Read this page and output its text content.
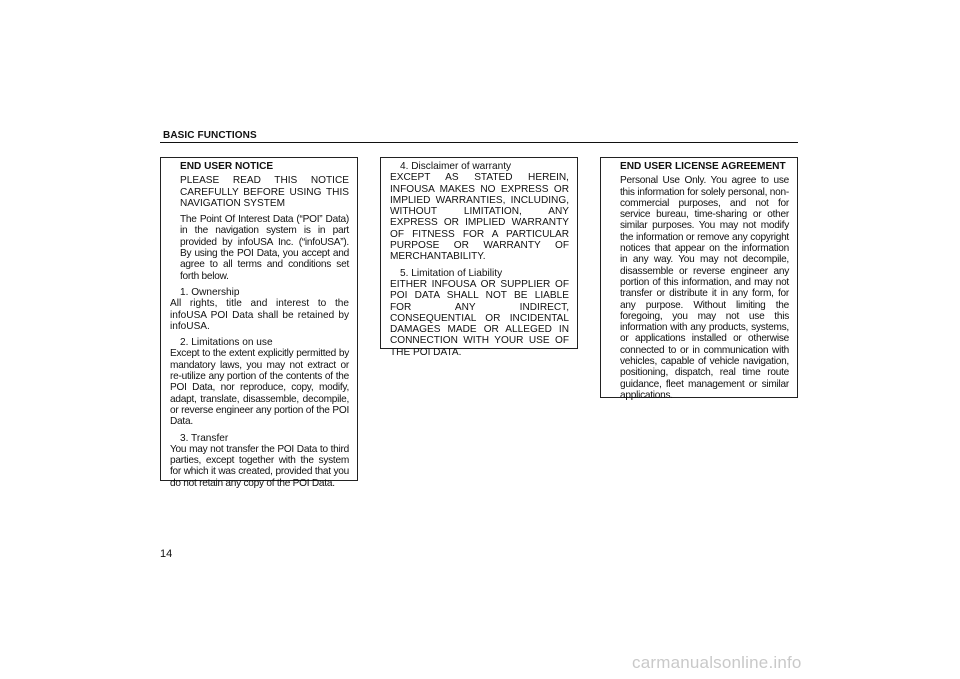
BASIC FUNCTIONS

END USER NOTICE

PLEASE READ THIS NOTICE CAREFULLY BEFORE USING THIS NAVIGATION SYSTEM

The Point Of Interest Data (“POI” Data) in the navigation system is in part provided by infoUSA Inc. (“infoUSA”). By using the POI Data, you accept and agree to all terms and conditions set forth below.

1. Ownership

All rights, title and interest to the infoUSA POI Data shall be retained by infoUSA.

2. Limitations on use

Except to the extent explicitly permitted by mandatory laws, you may not extract or re-utilize any portion of the contents of the POI Data, nor reproduce, copy, modify, adapt, translate, disassemble, decompile, or reverse engineer any portion of the POI Data.

3. Transfer

You may not transfer the POI Data to third parties, except together with the system for which it was created, provided that you do not retain any copy of the POI Data.

4. Disclaimer of warranty

EXCEPT AS STATED HEREIN, INFOUSA MAKES NO EXPRESS OR IMPLIED WARRANTIES, INCLUDING, WITHOUT LIMITATION, ANY EXPRESS OR IMPLIED WARRANTY OF FITNESS FOR A PARTICULAR PURPOSE OR WARRANTY OF MERCHANTABILITY.

5. Limitation of Liability

EITHER INFOUSA OR SUPPLIER OF POI DATA SHALL NOT BE LIABLE FOR ANY INDIRECT, CONSEQUENTIAL OR INCIDENTAL DAMAGES MADE OR ALLEGED IN CONNECTION WITH YOUR USE OF THE POI DATA.

END USER LICENSE AGREEMENT

Personal Use Only. You agree to use this information for solely personal, non-commercial purposes, and not for service bureau, time-sharing or other similar purposes. You may not modify the information or remove any copyright notices that appear on the information in any way. You may not decompile, disassemble or reverse engineer any portion of this information, and may not transfer or distribute it in any form, for any purpose. Without limiting the foregoing, you may not use this information with any products, systems, or applications installed or otherwise connected to or in communication with vehicles, capable of vehicle navigation, positioning, dispatch, real time route guidance, fleet management or similar applications.

14
carmanualsonline.info
